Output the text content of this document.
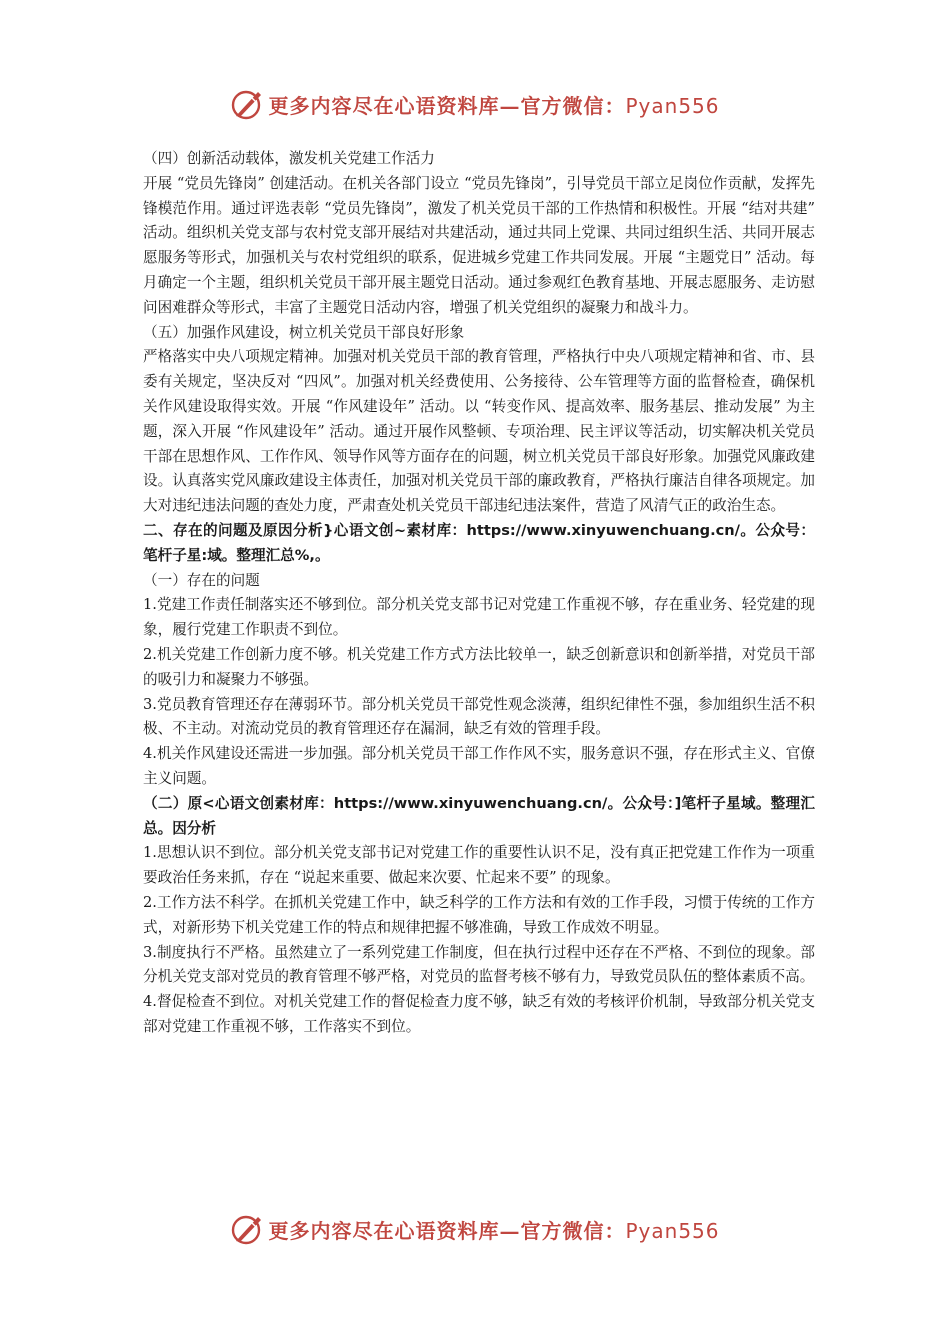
更多内容尽在心语资料库—官方微信：Pyan556

（四）创新活动载体，激发机关党建工作活力

开展 “党员先锋岗” 创建活动。在机关各部门设立 “党员先锋岗”，引导党员干部立足岗位作贡献，发挥先锋模范作用。通过评选表彰 “党员先锋岗”，激发了机关党员干部的工作热情和积极性。开展 “结对共建” 活动。组织机关党支部与农村党支部开展结对共建活动，通过共同上党课、共同过组织生活、共同开展志愿服务等形式，加强机关与农村党组织的联系，促进城乡党建工作共同发展。开展 “主题党日” 活动。每月确定一个主题，组织机关党员干部开展主题党日活动。通过参观红色教育基地、开展志愿服务、走访慰问困难群众等形式，丰富了主题党日活动内容，增强了机关党组织的凝聚力和战斗力。

（五）加强作风建设，树立机关党员干部良好形象

严格落实中央八项规定精神。加强对机关党员干部的教育管理，严格执行中央八项规定精神和省、市、县委有关规定，坚决反对 “四风”。加强对机关经费使用、公务接待、公车管理等方面的监督检查，确保机关作风建设取得实效。开展 “作风建设年” 活动。以 “转变作风、提高效率、服务基层、推动发展” 为主题，深入开展 “作风建设年” 活动。通过开展作风整顿、专项治理、民主评议等活动，切实解决机关党员干部在思想作风、工作作风、领导作风等方面存在的问题，树立机关党员干部良好形象。加强党风廉政建设。认真落实党风廉政建设主体责任，加强对机关党员干部的廉政教育，严格执行廉洁自律各项规定。加大对违纪违法问题的查处力度，严肃查处机关党员干部违纪违法案件，营造了风清气正的政治生态。

二、存在的问题及原因分析}心语文创~素材库：https://www.xinyuwenchuang.cn/。公众号：笔杆子星:域。整理汇总%,。

（一）存在的问题

1.党建工作责任制落实还不够到位。部分机关党支部书记对党建工作重视不够，存在重业务、轻党建的现象，履行党建工作职责不到位。

2.机关党建工作创新力度不够。机关党建工作方式方法比较单一，缺乏创新意识和创新举措，对党员干部的吸引力和凝聚力不够强。

3.党员教育管理还存在薄弱环节。部分机关党员干部党性观念淡薄，组织纪律性不强，参加组织生活不积极、不主动。对流动党员的教育管理还存在漏洞，缺乏有效的管理手段。

4.机关作风建设还需进一步加强。部分机关党员干部工作作风不实，服务意识不强，存在形式主义、官僚主义问题。

（二）原<心语文创素材库：https://www.xinyuwenchuang.cn/。公众号：]笔杆子星域。整理汇总。因分析

1.思想认识不到位。部分机关党支部书记对党建工作的重要性认识不足，没有真正把党建工作作为一项重要政治任务来抓，存在 “说起来重要、做起来次要、忙起来不要” 的现象。

2.工作方法不科学。在抓机关党建工作中，缺乏科学的工作方法和有效的工作手段，习惯于传统的工作方式，对新形势下机关党建工作的特点和规律把握不够准确，导致工作成效不明显。

3.制度执行不严格。虽然建立了一系列党建工作制度，但在执行过程中还存在不严格、不到位的现象。部分机关党支部对党员的教育管理不够严格，对党员的监督考核不够有力，导致党员队伍的整体素质不高。

4.督促检查不到位。对机关党建工作的督促检查力度不够，缺乏有效的考核评价机制，导致部分机关党支部对党建工作重视不够，工作落实不到位。

更多内容尽在心语资料库—官方微信：Pyan556
